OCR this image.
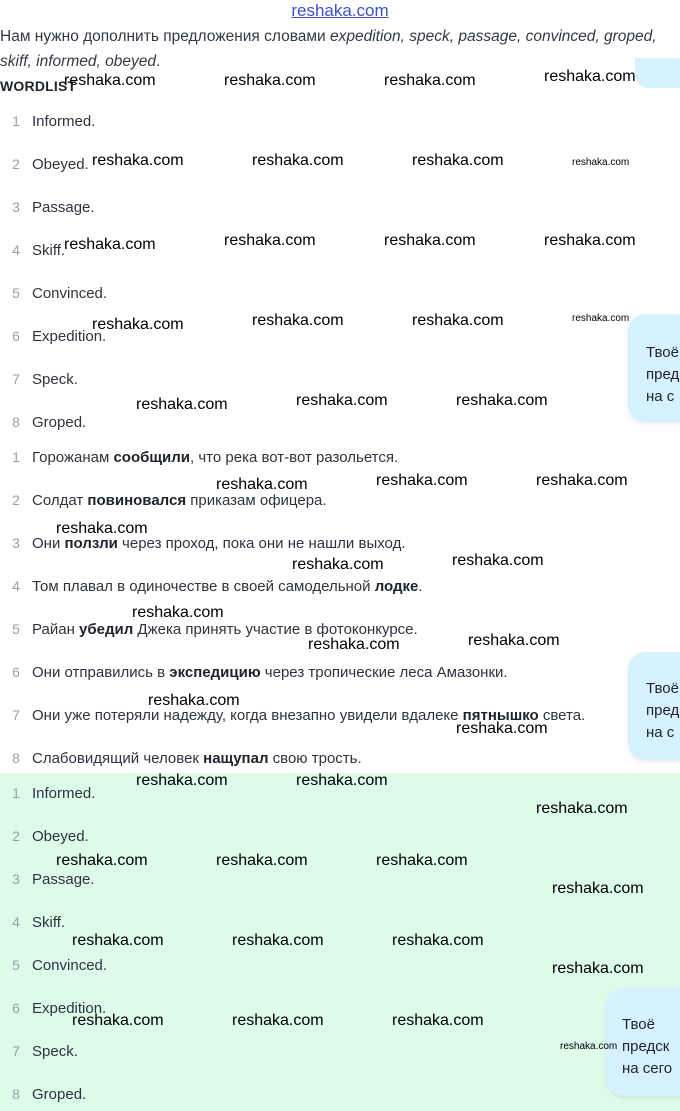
reshaka.com
Нам нужно дополнить предложения словами expedition, speck, passage, convinced, groped, skiff, informed, obeyed.
WORDLIST
1 Informed.
2 Obeyed.
3 Passage.
4 Skiff.
5 Convinced.
6 Expedition.
7 Speck.
8 Groped.
1 Горожанам сообщили, что река вот-вот разольется.
2 Солдат повиновался приказам офицера.
3 Они ползли через проход, пока они не нашли выход.
4 Том плавал в одиночестве в своей самодельной лодке.
5 Райан убедил Джека принять участие в фотоконкурсе.
6 Они отправились в экспедицию через тропические леса Амазонки.
7 Они уже потеряли надежду, когда внезапно увидели вдалеке пятнышко света.
8 Слабовидящий человек нащупал свою трость.
1 Informed.
2 Obeyed.
3 Passage.
4 Skiff.
5 Convinced.
6 Expedition.
7 Speck.
8 Groped.
Твоё
пред
на с
Твоё
пред
на с
Твоё
предск
на сего
reshaka.com	reshaka.com	reshaka.com	reshaka.com
reshaka.com	reshaka.com	reshaka.com	reshaka.com
reshaka.com	reshaka.com	reshaka.com	reshaka.com
reshaka.com	reshaka.com	reshaka.com	reshaka.com
reshaka.com	reshaka.com	reshaka.com
reshaka.com	reshaka.com	reshaka.com
reshaka.com
reshaka.com	reshaka.com
reshaka.com
reshaka.com	reshaka.com
reshaka.com
reshaka.com
reshaka.com	reshaka.com
reshaka.com
reshaka.com	reshaka.com	reshaka.com
reshaka.com
reshaka.com	reshaka.com	reshaka.com
reshaka.com
reshaka.com	reshaka.com	reshaka.com
reshaka.com
